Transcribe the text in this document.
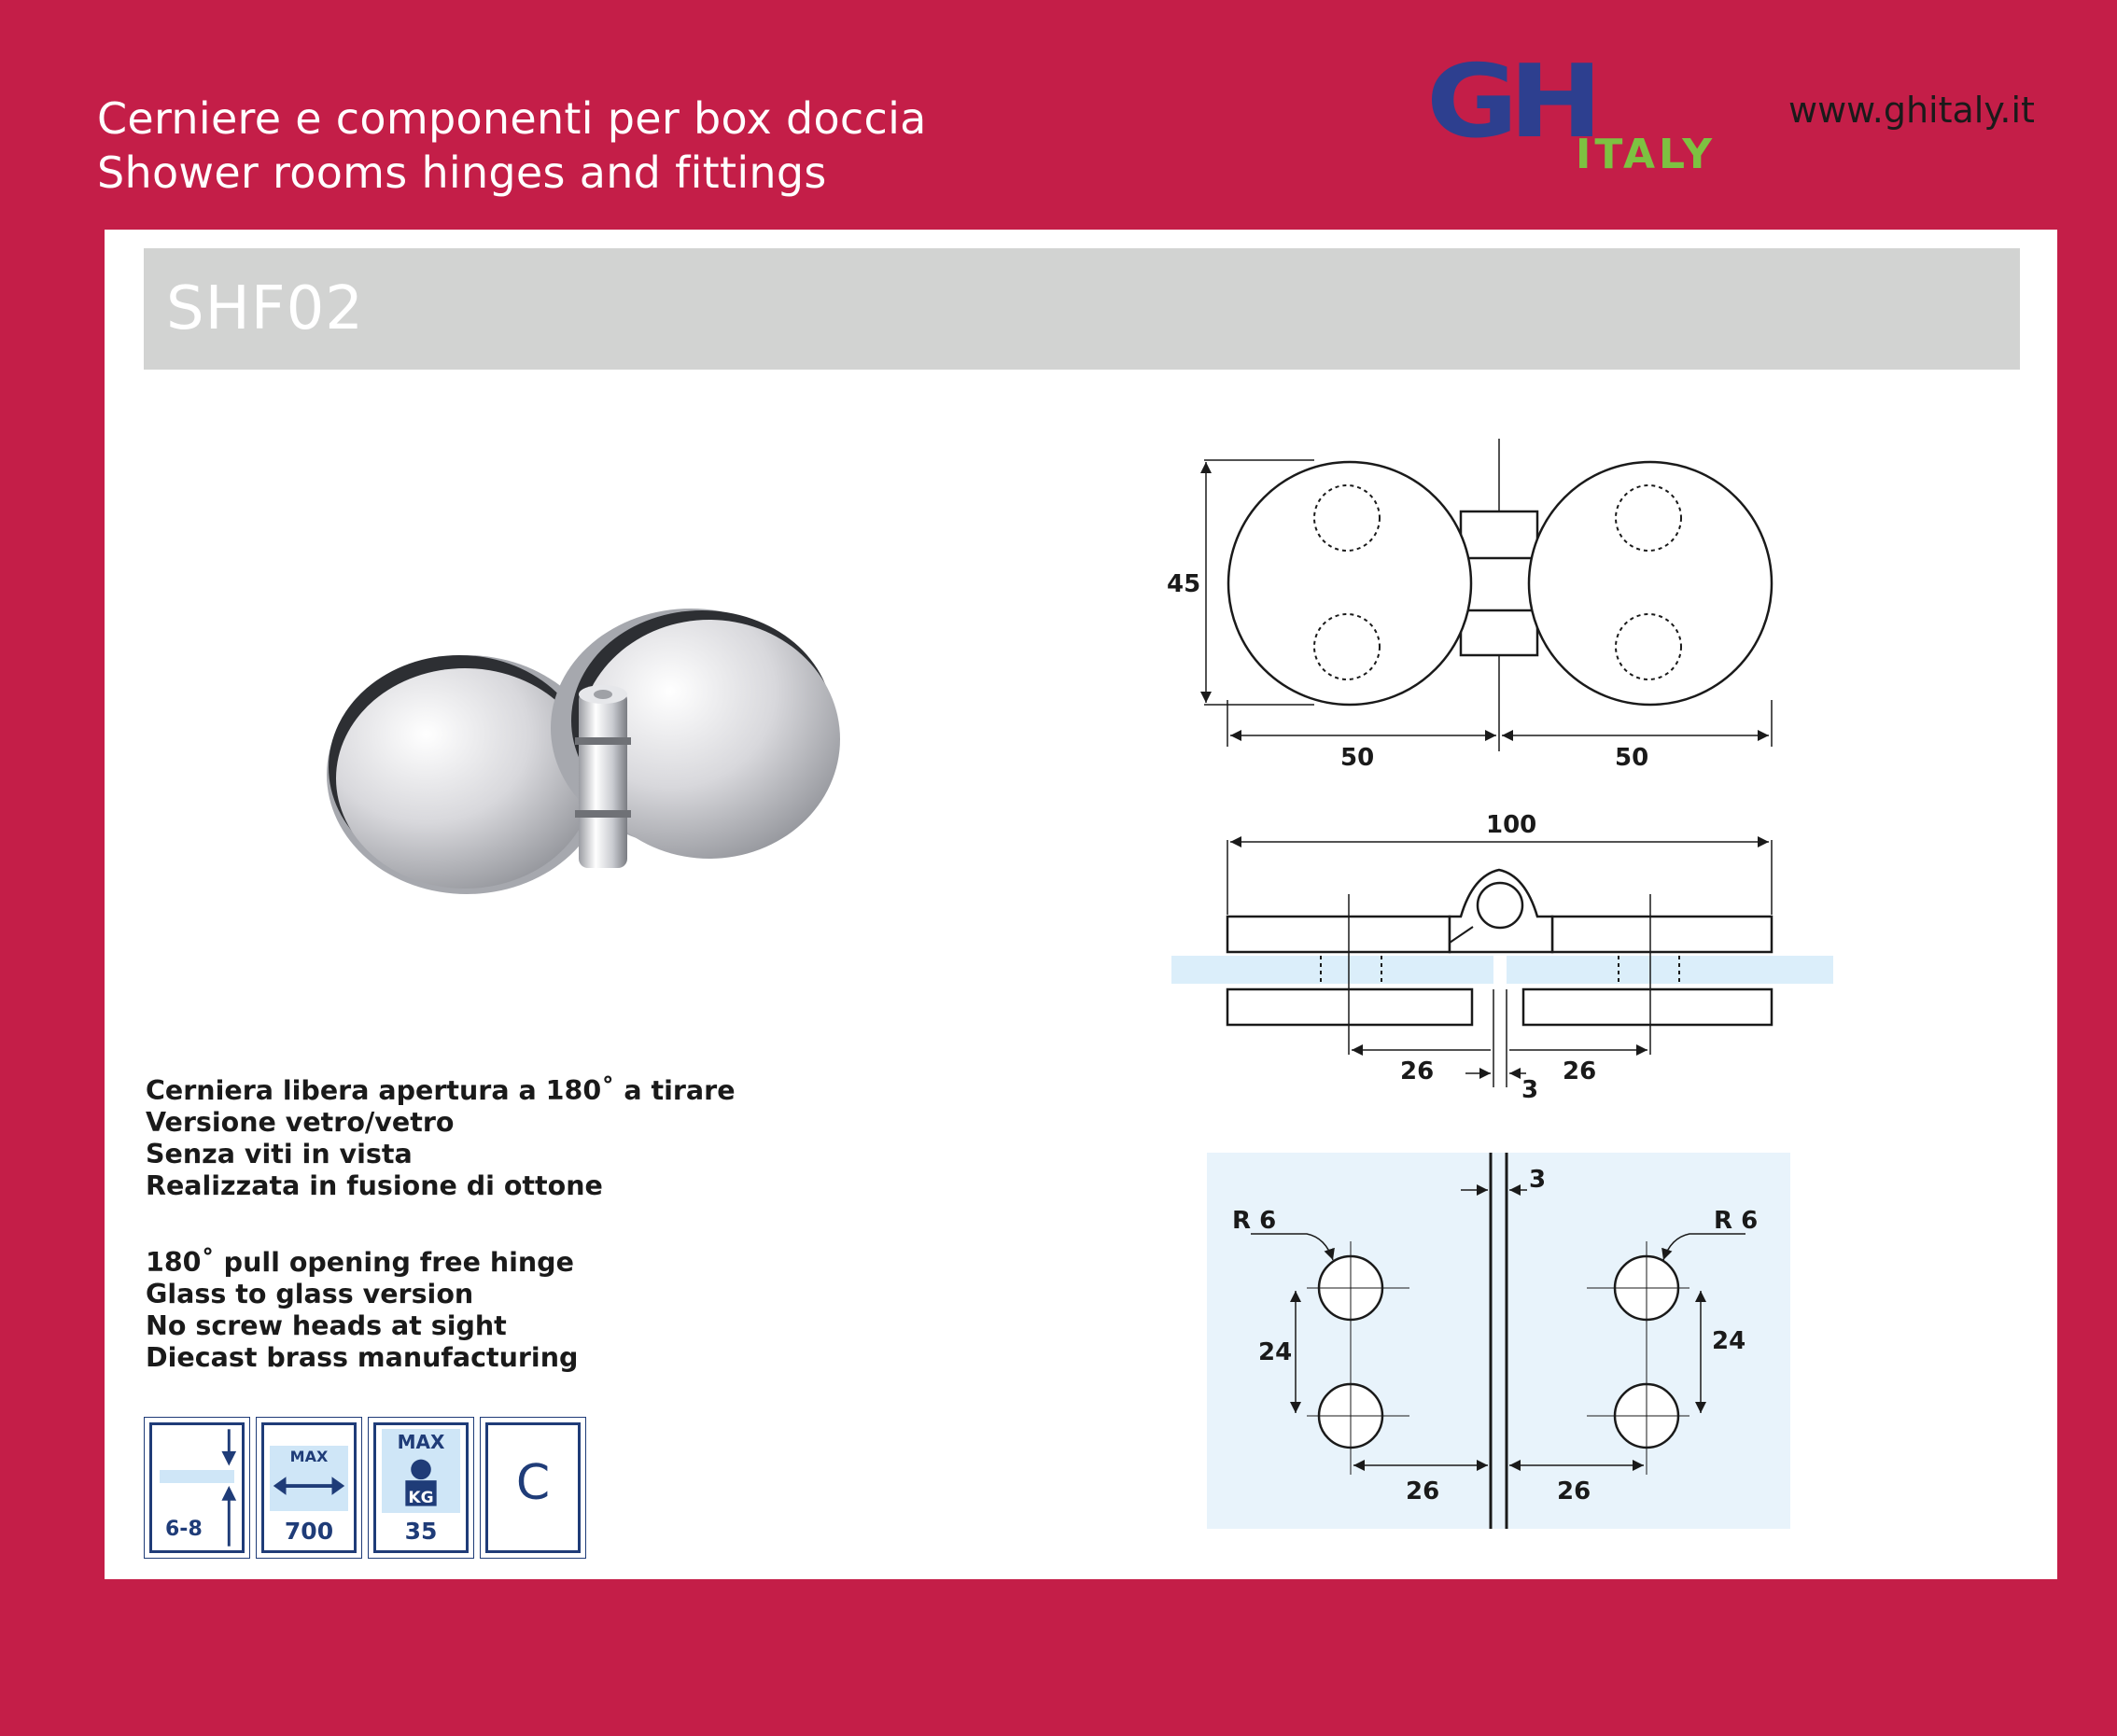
Cerniere e componenti per box doccia
Shower rooms hinges and fittings
GH
ITALY
www.ghitaly.it
SHF02
Cerniera libera apertura a 180˚ a tirare
Versione vetro/vetro
Senza viti in vista
Realizzata in fusione di ottone
180˚ pull opening free hinge
Glass to glass version
No screw heads at sight
Diecast brass manufacturing
45
50	50
100
26	26
3
3
R 6	R 6
24	24
26	26
6-8
MAX
700
MAX
KG
35
C
